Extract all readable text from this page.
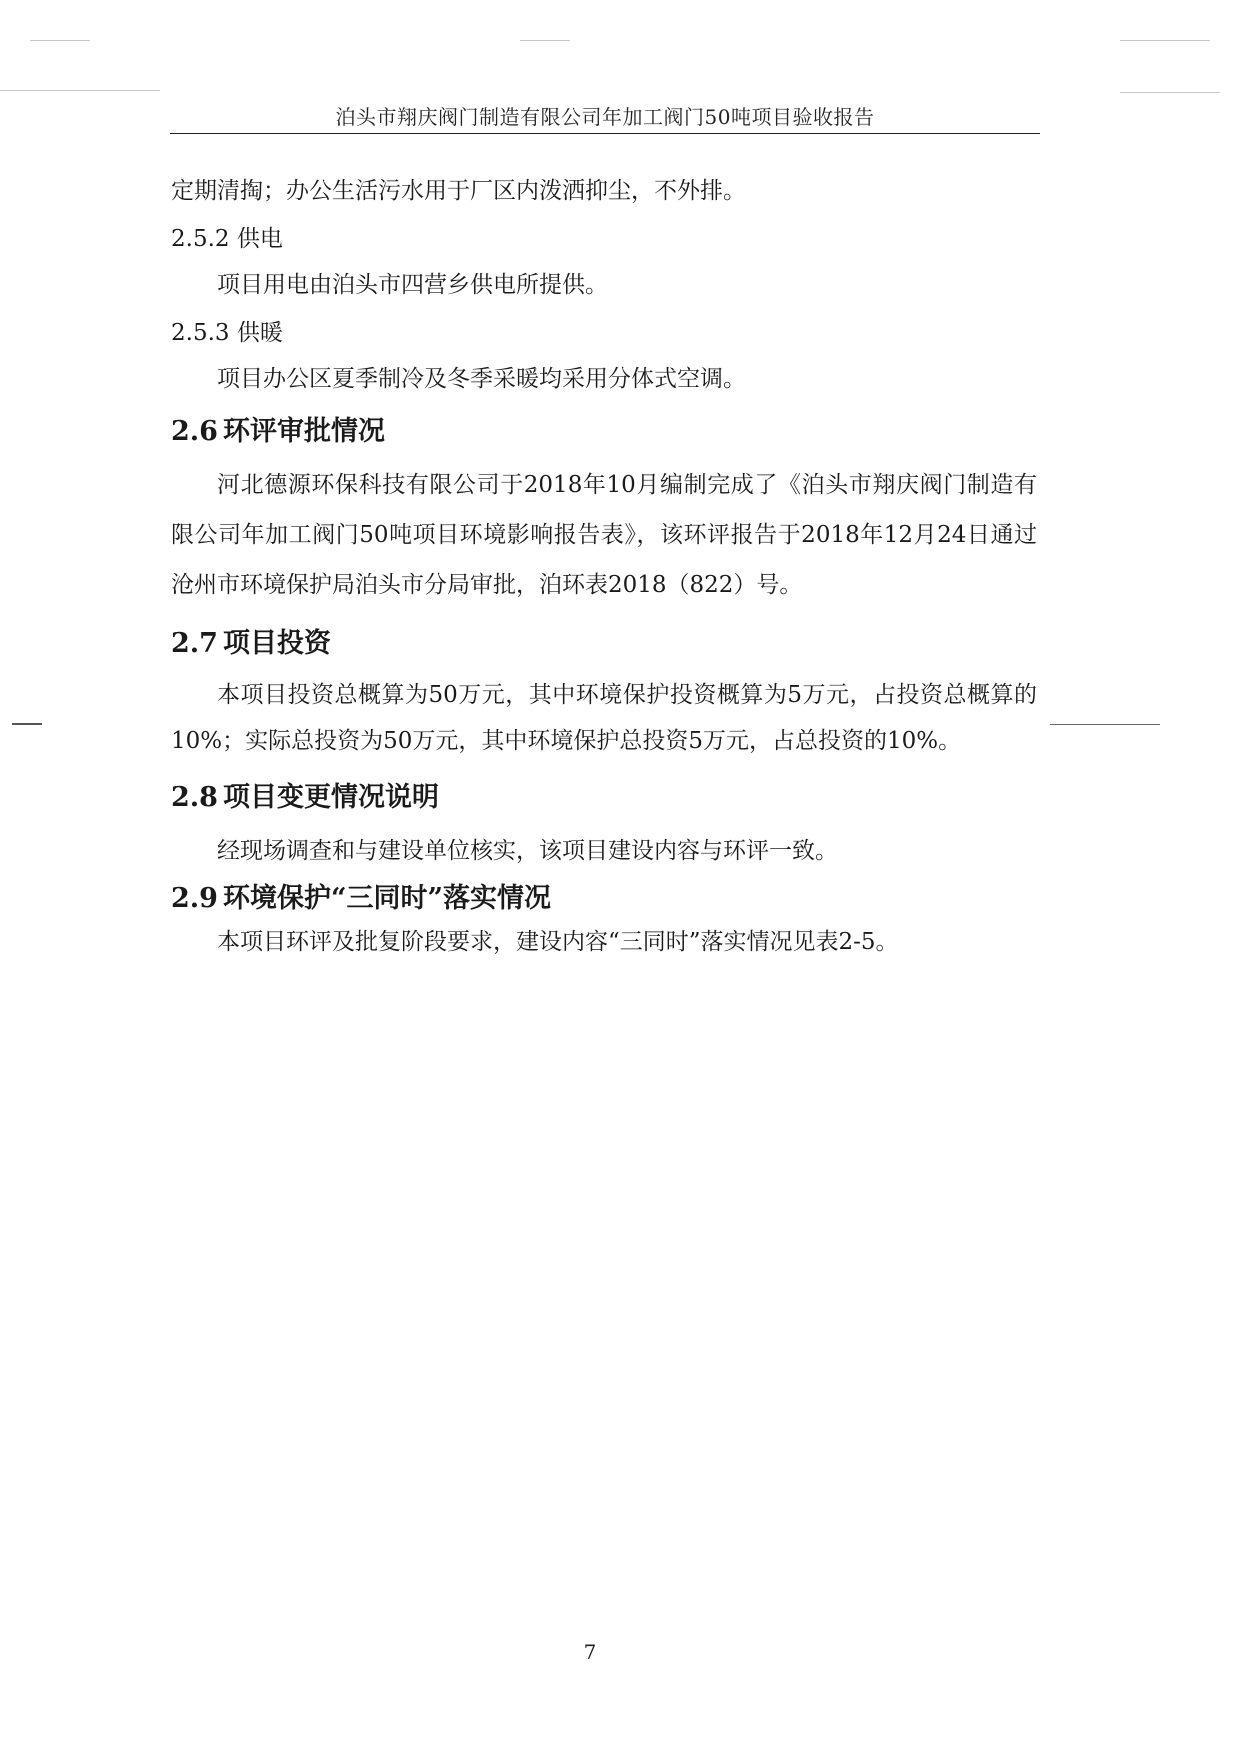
泊头市翔庆阀门制造有限公司年加工阀门50吨项目验收报告

定期清掏；办公生活污水用于厂区内泼洒抑尘，不外排。

2.5.2 供电

项目用电由泊头市四营乡供电所提供。

2.5.3 供暖

项目办公区夏季制冷及冬季采暖均采用分体式空调。

2.6 环评审批情况

河北德源环保科技有限公司于2018年10月编制完成了《泊头市翔庆阀门制造有限公司年加工阀门50吨项目环境影响报告表》，该环评报告于2018年12月24日通过沧州市环境保护局泊头市分局审批，泊环表2018（822）号。

2.7 项目投资

本项目投资总概算为50万元，其中环境保护投资概算为5万元，占投资总概算的10%；实际总投资为50万元，其中环境保护总投资5万元，占总投资的10%。

2.8 项目变更情况说明

经现场调查和与建设单位核实，该项目建设内容与环评一致。

2.9 环境保护“三同时”落实情况

本项目环评及批复阶段要求，建设内容“三同时”落实情况见表2-5。

7
